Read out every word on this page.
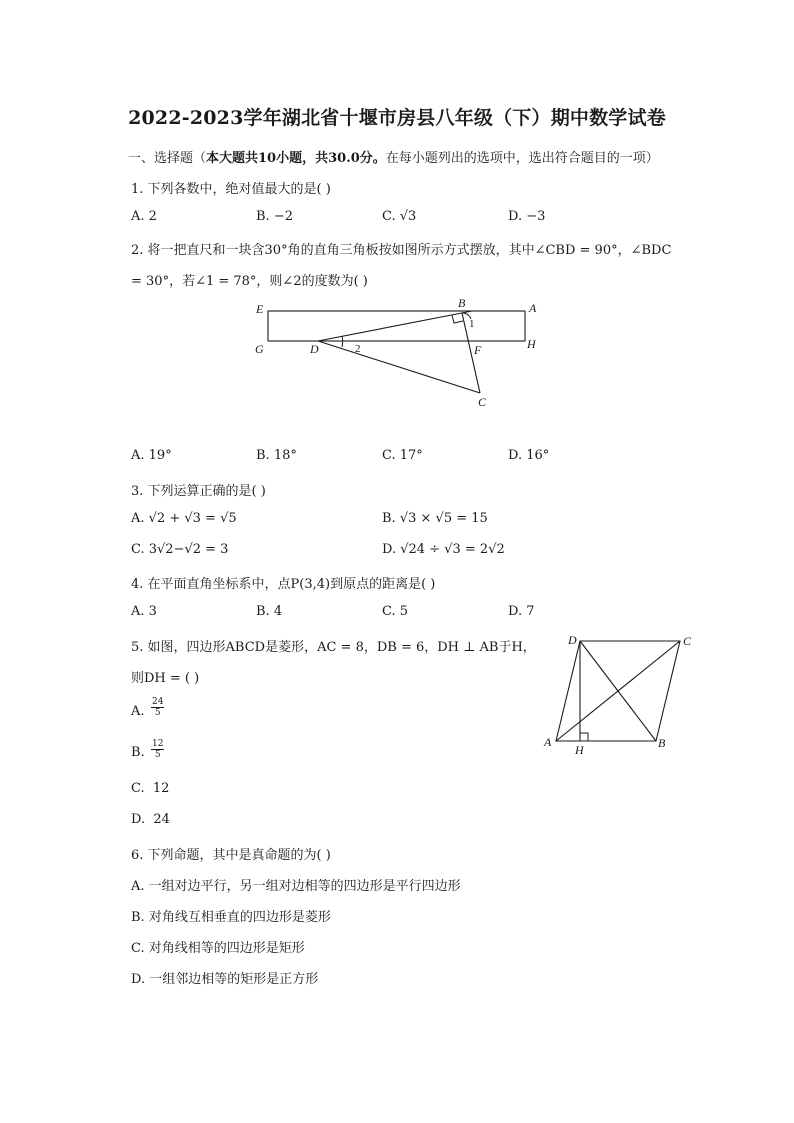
2022-2023学年湖北省十堰市房县八年级（下）期中数学试卷
一、选择题（本大题共10小题，共30.0分。在每小题列出的选项中，选出符合题目的一项）
1. 下列各数中，绝对值最大的是( )
A. 2	B. −2	C. √3	D. −3
2. 将一把直尺和一块含30°角的直角三角板按如图所示方式摆放，其中∠CBD = 90°，∠BDC
= 30°，若∠1 = 78°，则∠2的度数为( )
E	B	A
G	D	2
1
F	H
C
A. 19°	B. 18°	C. 17°	D. 16°
3. 下列运算正确的是( )
A. √2 + √3 = √5	B. √3 × √5 = 15
C. 3√2−√2 = 3	D. √24 ÷ √3 = 2√2
4. 在平面直角坐标系中，点P(3,4)到原点的距离是( )
A. 3	B. 4	C. 5	D. 7
5. 如图，四边形ABCD是菱形，AC = 8，DB = 6，DH ⊥ AB于H，
则DH = ( )
A. $\frac{24}{5}$
B. $\frac{12}{5}$
C. 12
D. 24
D	C
A
H	B
6. 下列命题，其中是真命题的为( )
A. 一组对边平行，另一组对边相等的四边形是平行四边形
B. 对角线互相垂直的四边形是菱形
C. 对角线相等的四边形是矩形
D. 一组邻边相等的矩形是正方形
